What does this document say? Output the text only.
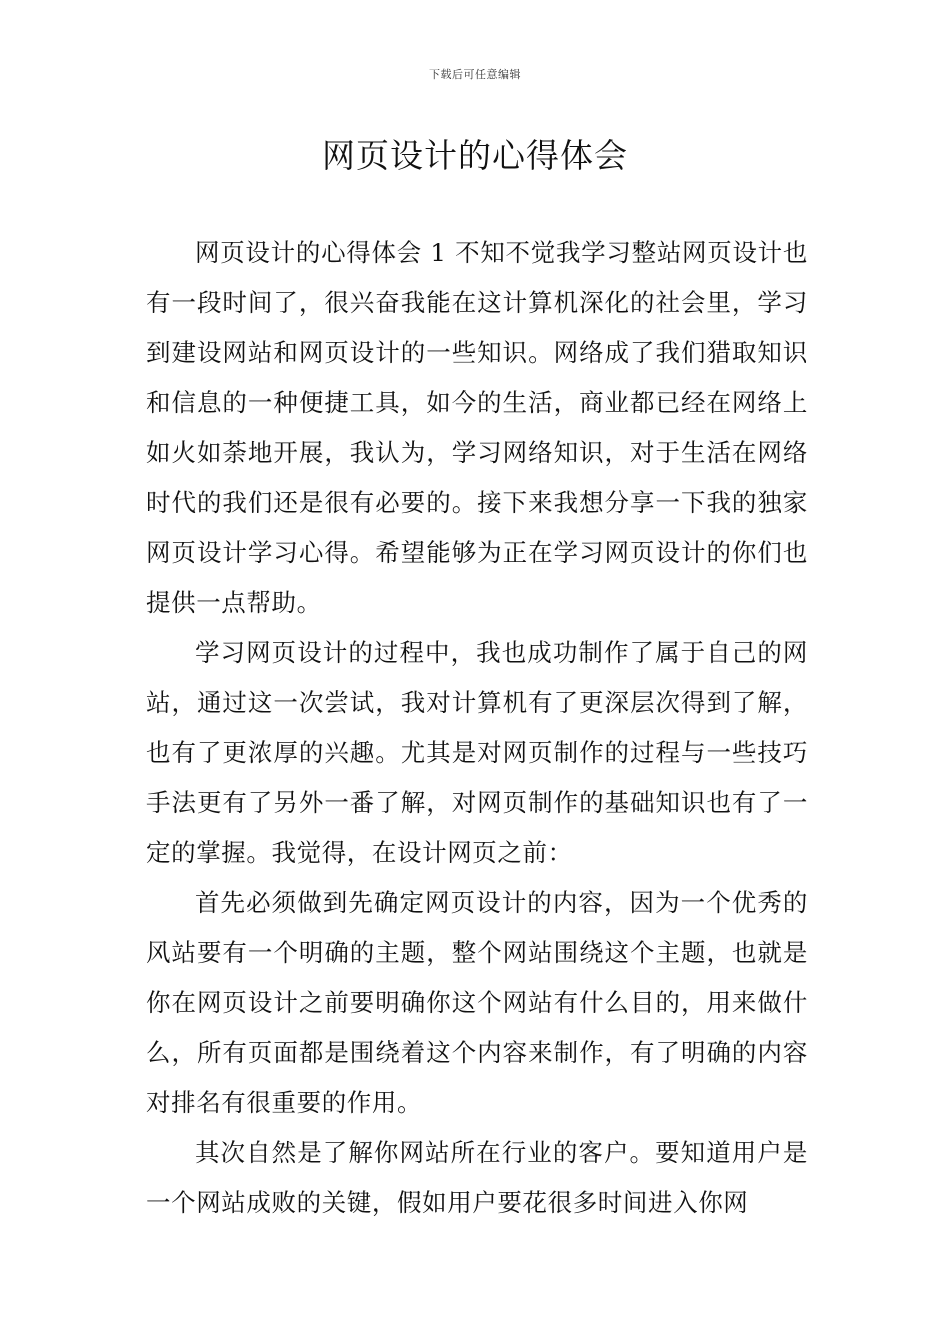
下载后可任意编辑
网页设计的心得体会

网页设计的心得体会 1 不知不觉我学习整站网页设计也有一段时间了，很兴奋我能在这计算机深化的社会里，学习到建设网站和网页设计的一些知识。网络成了我们猎取知识和信息的一种便捷工具，如今的生活，商业都已经在网络上如火如荼地开展，我认为，学习网络知识，对于生活在网络时代的我们还是很有必要的。接下来我想分享一下我的独家网页设计学习心得。希望能够为正在学习网页设计的你们也提供一点帮助。

学习网页设计的过程中，我也成功制作了属于自己的网站，通过这一次尝试，我对计算机有了更深层次得到了解，也有了更浓厚的兴趣。尤其是对网页制作的过程与一些技巧手法更有了另外一番了解，对网页制作的基础知识也有了一定的掌握。我觉得，在设计网页之前：

首先必须做到先确定网页设计的内容，因为一个优秀的风站要有一个明确的主题，整个网站围绕这个主题，也就是你在网页设计之前要明确你这个网站有什么目的，用来做什么，所有页面都是围绕着这个内容来制作，有了明确的内容对排名有很重要的作用。

其次自然是了解你网站所在行业的客户。要知道用户是一个网站成败的关键，假如用户要花很多时间进入你网
